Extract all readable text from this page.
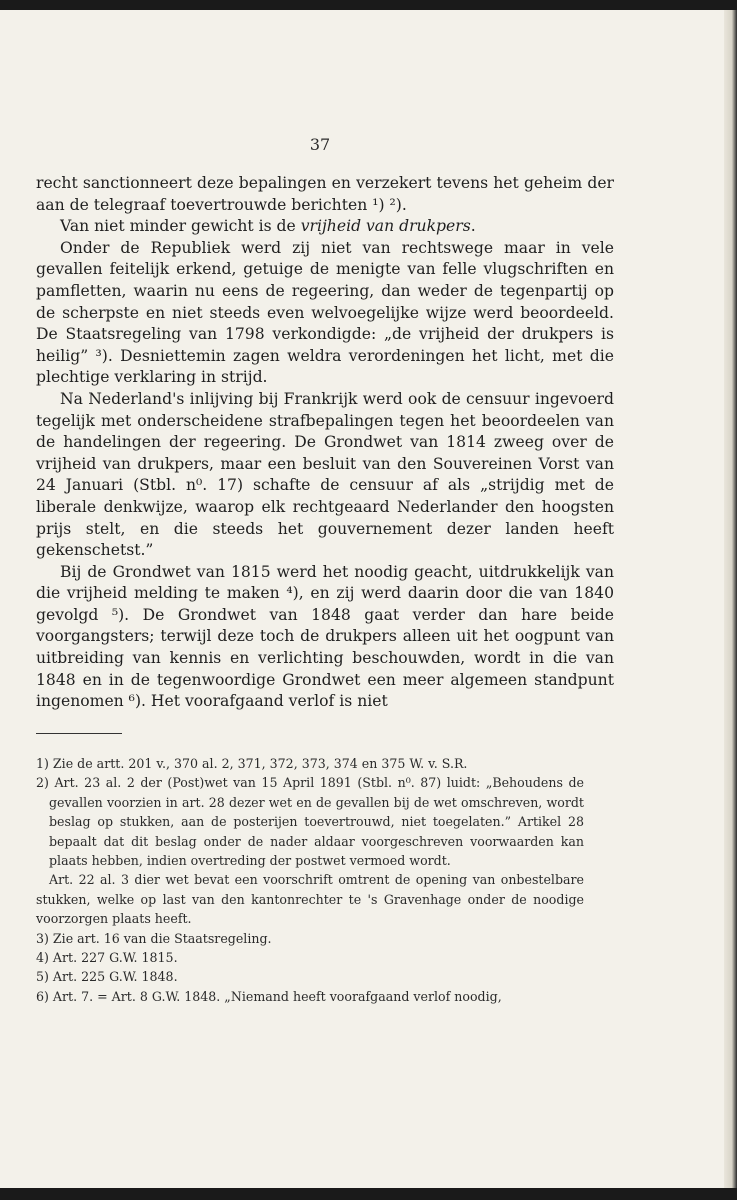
37

recht sanctionneert deze bepalingen en verzekert tevens het geheim der aan de telegraaf toevertrouwde berichten ¹) ²).

Van niet minder gewicht is de vrijheid van drukpers.

Onder de Republiek werd zij niet van rechtswege maar in vele gevallen feitelijk erkend, getuige de menigte van felle vlugschriften en pamfletten, waarin nu eens de regeering, dan weder de tegenpartij op de scherpste en niet steeds even welvoegelijke wijze werd beoordeeld. De Staatsregeling van 1798 verkondigde: „de vrijheid der drukpers is heilig” ³). Desniettemin zagen weldra verordeningen het licht, met die plechtige verklaring in strijd.

Na Nederland's inlijving bij Frankrijk werd ook de censuur ingevoerd tegelijk met onderscheidene strafbepalingen tegen het beoordeelen van de handelingen der regeering. De Grondwet van 1814 zweeg over de vrijheid van drukpers, maar een besluit van den Souvereinen Vorst van 24 Januari (Stbl. n⁰. 17) schafte de censuur af als „strijdig met de liberale denkwijze, waarop elk rechtgeaard Nederlander den hoogsten prijs stelt, en die steeds het gouvernement dezer landen heeft gekenschetst.”

Bij de Grondwet van 1815 werd het noodig geacht, uitdrukkelijk van die vrijheid melding te maken ⁴), en zij werd daarin door die van 1840 gevolgd ⁵). De Grondwet van 1848 gaat verder dan hare beide voorgangsters; terwijl deze toch de drukpers alleen uit het oogpunt van uitbreiding van kennis en verlichting beschouwden, wordt in die van 1848 en in de tegenwoordige Grondwet een meer algemeen standpunt ingenomen ⁶). Het voorafgaand verlof is niet

1) Zie de artt. 201 v., 370 al. 2, 371, 372, 373, 374 en 375 W. v. S.R.

2) Art. 23 al. 2 der (Post)wet van 15 April 1891 (Stbl. n⁰. 87) luidt: „Behoudens de gevallen voorzien in art. 28 dezer wet en de gevallen bij de wet omschreven, wordt beslag op stukken, aan de posterijen toevertrouwd, niet toegelaten.” Artikel 28 bepaalt dat dit beslag onder de nader aldaar voorgeschreven voorwaarden kan plaats hebben, indien overtreding der postwet vermoed wordt.

Art. 22 al. 3 dier wet bevat een voorschrift omtrent de opening van onbestelbare stukken, welke op last van den kantonrechter te 's Gravenhage onder de noodige voorzorgen plaats heeft.

3) Zie art. 16 van die Staatsregeling.

4) Art. 227 G.W. 1815.

5) Art. 225 G.W. 1848.

6) Art. 7. = Art. 8 G.W. 1848. „Niemand heeft voorafgaand verlof noodig,
